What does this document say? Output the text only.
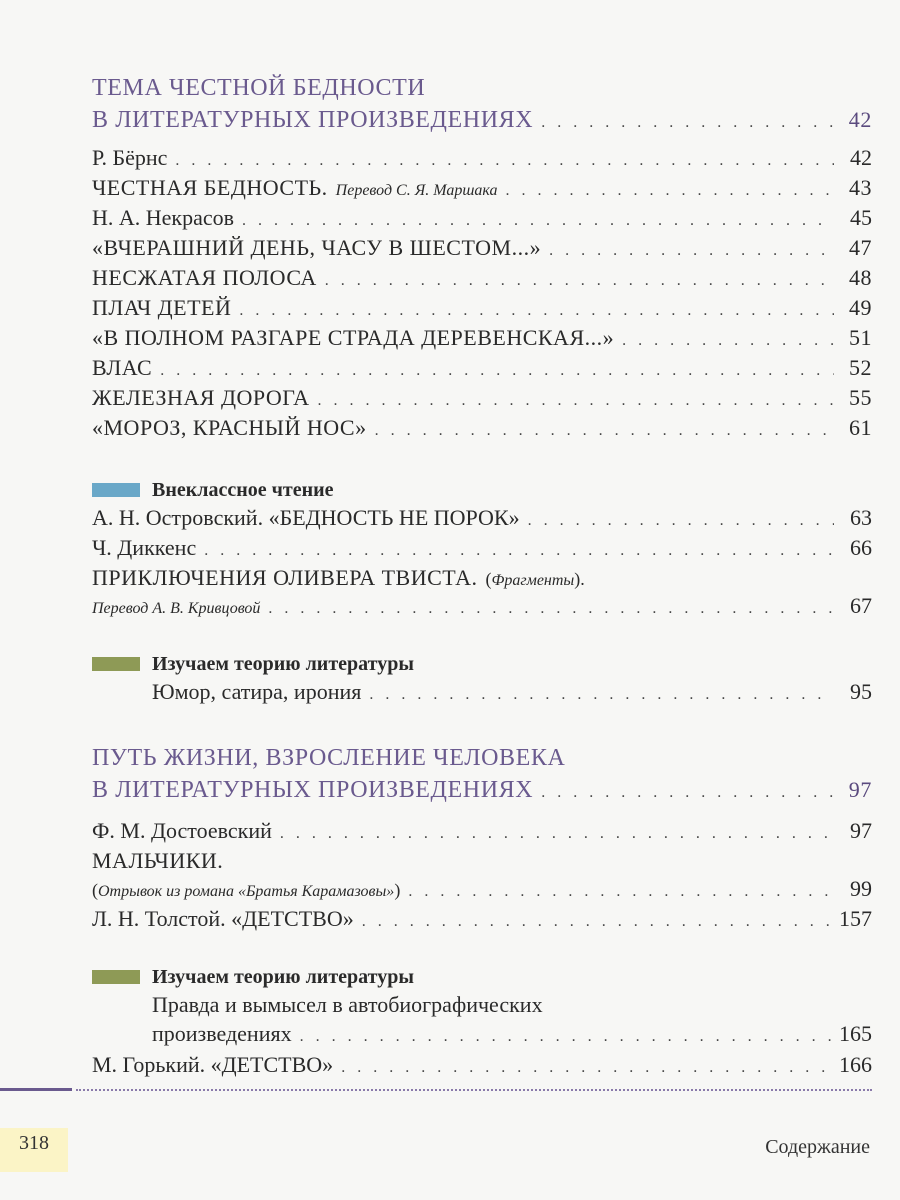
ТЕМА ЧЕСТНОЙ БЕДНОСТИ
В ЛИТЕРАТУРНЫХ ПРОИЗВЕДЕНИЯХ . . .	42
Р. Бёрнс . . .	42
ЧЕСТНАЯ БЕДНОСТЬ. Перевод С. Я. Маршака . . .	43
Н. А. Некрасов . . .	45
«ВЧЕРАШНИЙ ДЕНЬ, ЧАСУ В ШЕСТОМ...» . . .	47
НЕСЖАТАЯ ПОЛОСА . . .	48
ПЛАЧ ДЕТЕЙ . . .	49
«В ПОЛНОМ РАЗГАРЕ СТРАДА ДЕРЕВЕНСКАЯ...» . . .	51
ВЛАС . . .	52
ЖЕЛЕЗНАЯ ДОРОГА . . .	55
«МОРОЗ, КРАСНЫЙ НОС» . . .	61
Внеклассное чтение
А. Н. Островский. «БЕДНОСТЬ НЕ ПОРОК» . . .	63
Ч. Диккенс . . .	66
ПРИКЛЮЧЕНИЯ ОЛИВЕРА ТВИСТА. ( Фрагменты ).
Перевод А. В. Кривцовой . . .	67
Изучаем теорию литературы
Юмор, сатира, ирония . . .	95
ПУТЬ ЖИЗНИ, ВЗРОСЛЕНИЕ ЧЕЛОВЕКА
В ЛИТЕРАТУРНЫХ ПРОИЗВЕДЕНИЯХ . . .	97
Ф. М. Достоевский . . .	97
МАЛЬЧИКИ.
( Отрывок из романа «Братья Карамазовы» ) . . .	99
Л. Н. Толстой. «ДЕТСТВО» . . .	157
Изучаем теорию литературы
Правда и вымысел в автобиографических
произведениях . . .	165
М. Горький. «ДЕТСТВО» . . .	166
318	Содержание
